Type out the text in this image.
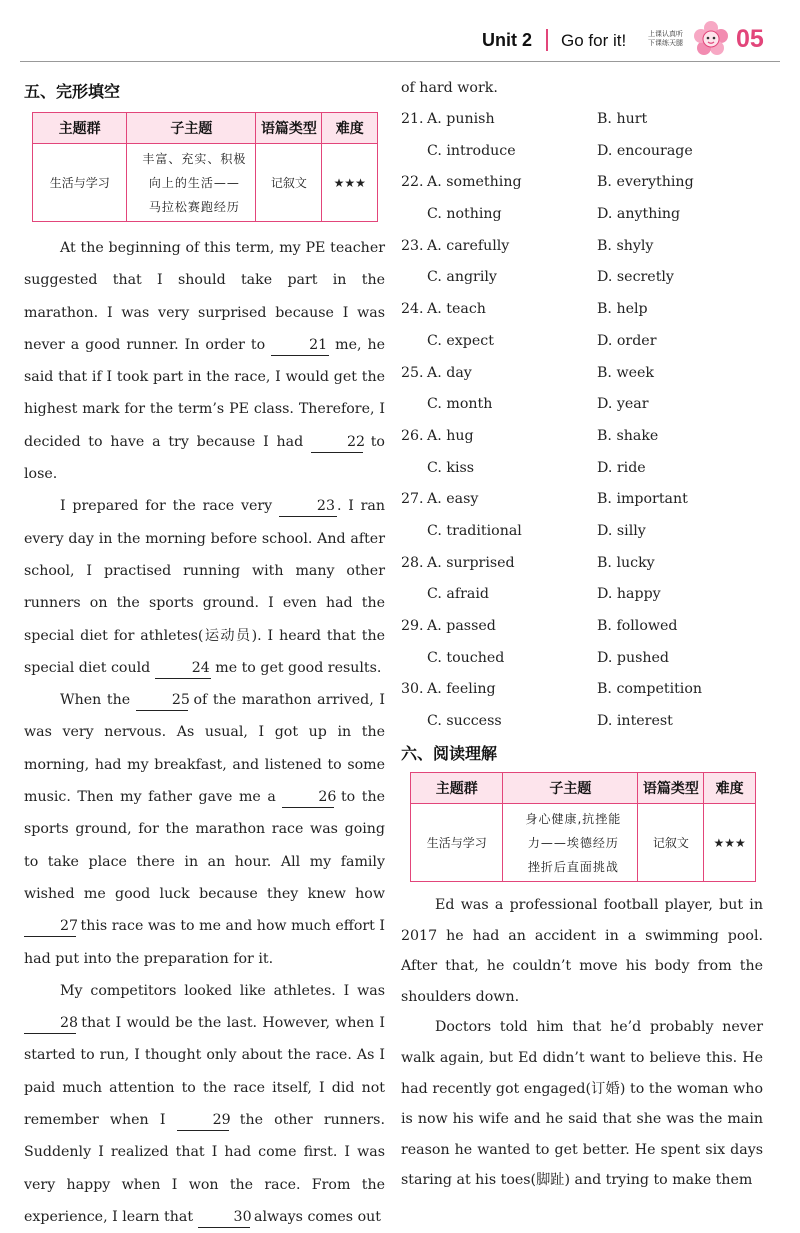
Unit 2 Go for it!	上课认真听
下课练天腿 05
五、完形填空
主题群	子主题	语篇类型	难度
生活与学习	丰富、充实、积极
向上的生活——
马拉松赛跑经历	记叙文	★★★

At the beginning of this term, my PE teacher suggested that I should take part in the marathon. I was very surprised because I was never a good runner. In order to	21 me, he said that if I took part in the race, I would get the highest mark for the term’s PE class. Therefore, I decided to have a try because I had	22 to lose.

I prepared for the race very	23 . I ran every day in the morning before school. And after school, I practised running with many other runners on the sports ground. I even had the special diet for athletes(运动员). I heard that the special diet could	24 me to get good results.

When the	25 of the marathon arrived, I was very nervous. As usual, I got up in the morning, had my breakfast, and listened to some music. Then my father gave me a	26 to the sports ground, for the marathon race was going to take place there in an hour. All my family wished me good luck because they knew how 27 this race was to me and how much effort I had put into the preparation for it.

My competitors looked like athletes. I was 28 that I would be the last. However, when I started to run, I thought only about the race. As I paid much attention to the race itself, I did not remember when I	29 the other runners. Suddenly I realized that I had come first. I was very happy when I won the race. From the experience, I learn that	30 always comes out

of hard work.

21. A. punish	B. hurt
C. introduce	D. encourage
22. A. something	B. everything
C. nothing	D. anything
23. A. carefully	B. shyly
C. angrily	D. secretly
24. A. teach	B. help
C. expect	D. order
25. A. day	B. week
C. month	D. year
26. A. hug	B. shake
C. kiss	D. ride
27. A. easy	B. important
C. traditional	D. silly
28. A. surprised	B. lucky
C. afraid	D. happy
29. A. passed	B. followed
C. touched	D. pushed
30. A. feeling	B. competition
C. success	D. interest
六、阅读理解
主题群	子主题	语篇类型	难度
生活与学习	身心健康,抗挫能
力——埃德经历
挫折后直面挑战	记叙文	★★★

Ed was a professional football player, but in 2017 he had an accident in a swimming pool. After that, he couldn’t move his body from the shoulders down.

Doctors told him that he’d probably never walk again, but Ed didn’t want to believe this. He had recently got engaged(订婚) to the woman who is now his wife and he said that she was the main reason he wanted to get better. He spent six days staring at his toes(脚趾) and trying to make them
